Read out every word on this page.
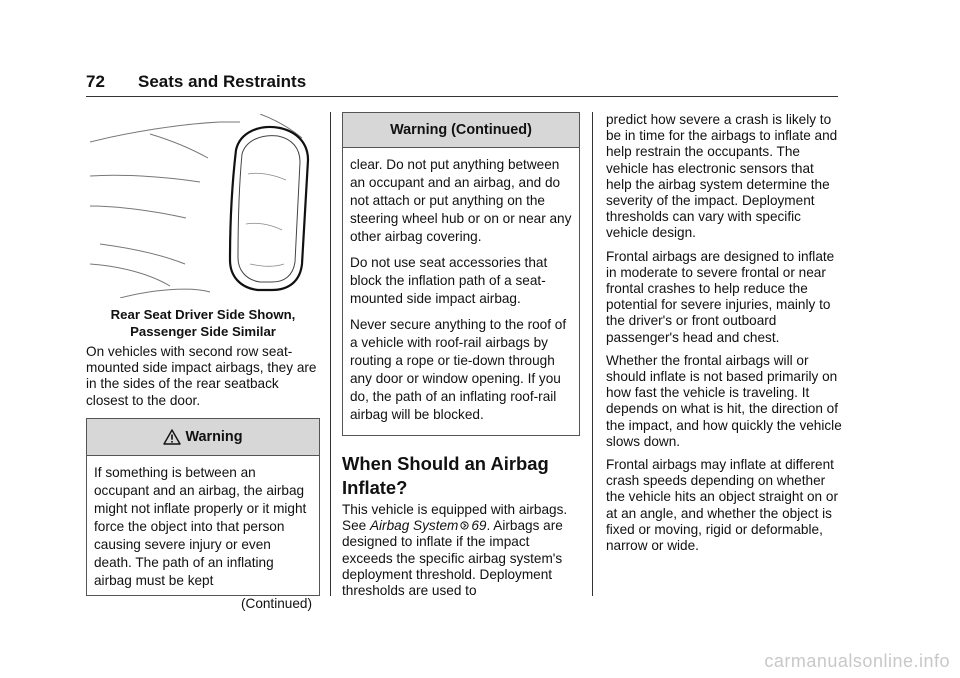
72 Seats and Restraints
Rear Seat Driver Side Shown,
Passenger Side Similar

On vehicles with second row seat-mounted side impact airbags, they are in the sides of the rear seatback closest to the door.

Warning

If something is between an occupant and an airbag, the airbag might not inflate properly or it might force the object into that person causing severe injury or even death. The path of an inflating airbag must be kept

(Continued)
Warning (Continued)

clear. Do not put anything between an occupant and an airbag, and do not attach or put anything on the steering wheel hub or on or near any other airbag covering.

Do not use seat accessories that block the inflation path of a seat-mounted side impact airbag.

Never secure anything to the roof of a vehicle with roof-rail airbags by routing a rope or tie-down through any door or window opening. If you do, the path of an inflating roof-rail airbag will be blocked.

When Should an Airbag
Inflate?

This vehicle is equipped with airbags. See Airbag System 69. Airbags are designed to inflate if the impact exceeds the specific airbag system's deployment threshold. Deployment thresholds are used to

predict how severe a crash is likely to be in time for the airbags to inflate and help restrain the occupants. The vehicle has electronic sensors that help the airbag system determine the severity of the impact. Deployment thresholds can vary with specific vehicle design.

Frontal airbags are designed to inflate in moderate to severe frontal or near frontal crashes to help reduce the potential for severe injuries, mainly to the driver's or front outboard passenger's head and chest.

Whether the frontal airbags will or should inflate is not based primarily on how fast the vehicle is traveling. It depends on what is hit, the direction of the impact, and how quickly the vehicle slows down.

Frontal airbags may inflate at different crash speeds depending on whether the vehicle hits an object straight on or at an angle, and whether the object is fixed or moving, rigid or deformable, narrow or wide.

carmanualsonline.info
